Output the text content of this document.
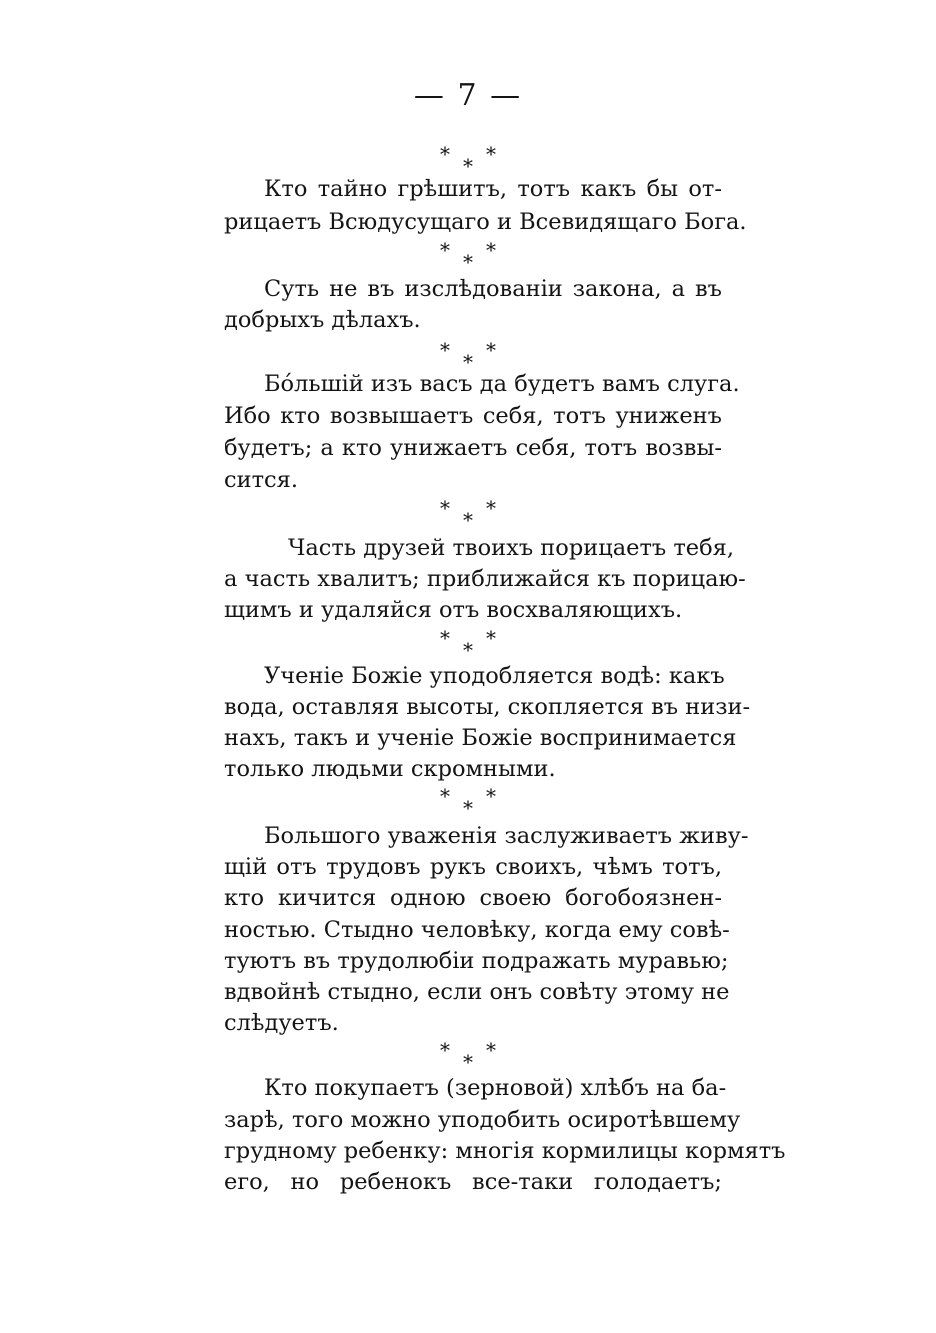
— 7 —
* *
*
Кто тайно грѣшитъ, тотъ какъ бы от-
рицаетъ Всюдусущаго и Всевидящаго Бога.
* *
*
Суть не въ изслѣдованіи закона, а въ
добрыхъ дѣлахъ.
* *
*
Бо́льшій изъ васъ да будетъ вамъ слуга.
Ибо кто возвышаетъ себя, тотъ униженъ
будетъ; а кто унижаетъ себя, тотъ возвы-
сится.
* *
*
Часть друзей твоихъ порицаетъ тебя,
а часть хвалитъ; приближайся къ порицаю-
щимъ и удаляйся отъ восхваляющихъ.
* *
*
Ученіе Божіе уподобляется водѣ: какъ
вода, оставляя высоты, скопляется въ низи-
нахъ, такъ и ученіе Божіе воспринимается
только людьми скромными.
* *
*
Большого уваженія заслуживаетъ живу-
щій отъ трудовъ рукъ своихъ, чѣмъ тотъ,
кто кичится одною своею богобоязнен-
ностью. Стыдно человѣку, когда ему совѣ-
туютъ въ трудолюбіи подражать муравью;
вдвойнѣ стыдно, если онъ совѣту этому не
слѣдуетъ.
* *
*
Кто покупаетъ (зерновой) хлѣбъ на ба-
зарѣ, того можно уподобить осиротѣвшему
грудному ребенку: многія кормилицы кормятъ
его, но ребенокъ все-таки голодаетъ;
